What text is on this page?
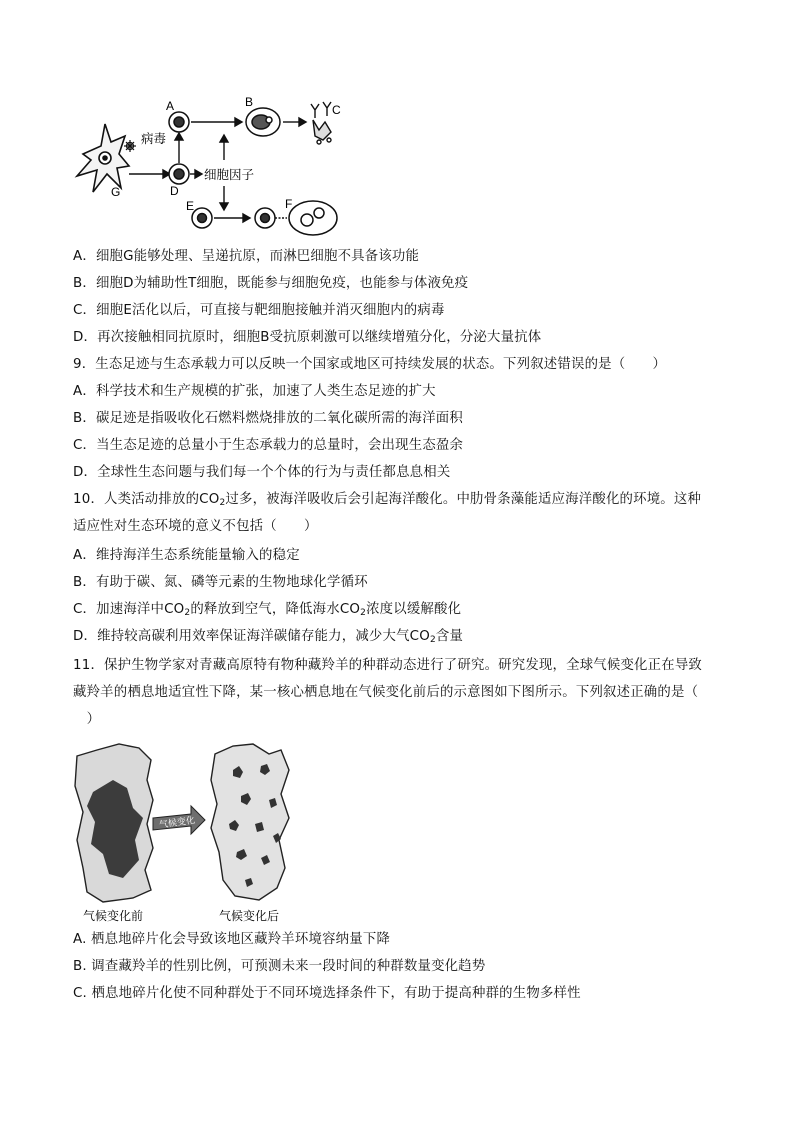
病毒
G	D
A	B
C
细胞因子
E	F
A．细胞G能够处理、呈递抗原，而淋巴细胞不具备该功能
B．细胞D为辅助性T细胞，既能参与细胞免疫，也能参与体液免疫
C．细胞E活化以后，可直接与靶细胞接触并消灭细胞内的病毒
D．再次接触相同抗原时，细胞B受抗原刺激可以继续增殖分化，分泌大量抗体
9．生态足迹与生态承载力可以反映一个国家或地区可持续发展的状态。下列叙述错误的是（　　）
A．科学技术和生产规模的扩张，加速了人类生态足迹的扩大
B．碳足迹是指吸收化石燃料燃烧排放的二氧化碳所需的海洋面积
C．当生态足迹的总量小于生态承载力的总量时，会出现生态盈余
D．全球性生态问题与我们每一个个体的行为与责任都息息相关
10．人类活动排放的$CO_2$过多，被海洋吸收后会引起海洋酸化。中肋骨条藻能适应海洋酸化的环境。这种
适应性对生态环境的意义不包括（　　）
A．维持海洋生态系统能量输入的稳定
B．有助于碳、氮、磷等元素的生物地球化学循环
C．加速海洋中$CO_2$的释放到空气，降低海水$CO_2$浓度以缓解酸化
D．维持较高碳利用效率保证海洋碳储存能力，减少大气$CO_2$含量
11．保护生物学家对青藏高原特有物种藏羚羊的种群动态进行了研究。研究发现，全球气候变化正在导致
藏羚羊的栖息地适宜性下降，某一核心栖息地在气候变化前后的示意图如下图所示。下列叙述正确的是（
　）
气候变化
气候变化前	气候变化后
A. 栖息地碎片化会导致该地区藏羚羊环境容纳量下降
B. 调查藏羚羊的性别比例，可预测未来一段时间的种群数量变化趋势
C. 栖息地碎片化使不同种群处于不同环境选择条件下，有助于提高种群的生物多样性
